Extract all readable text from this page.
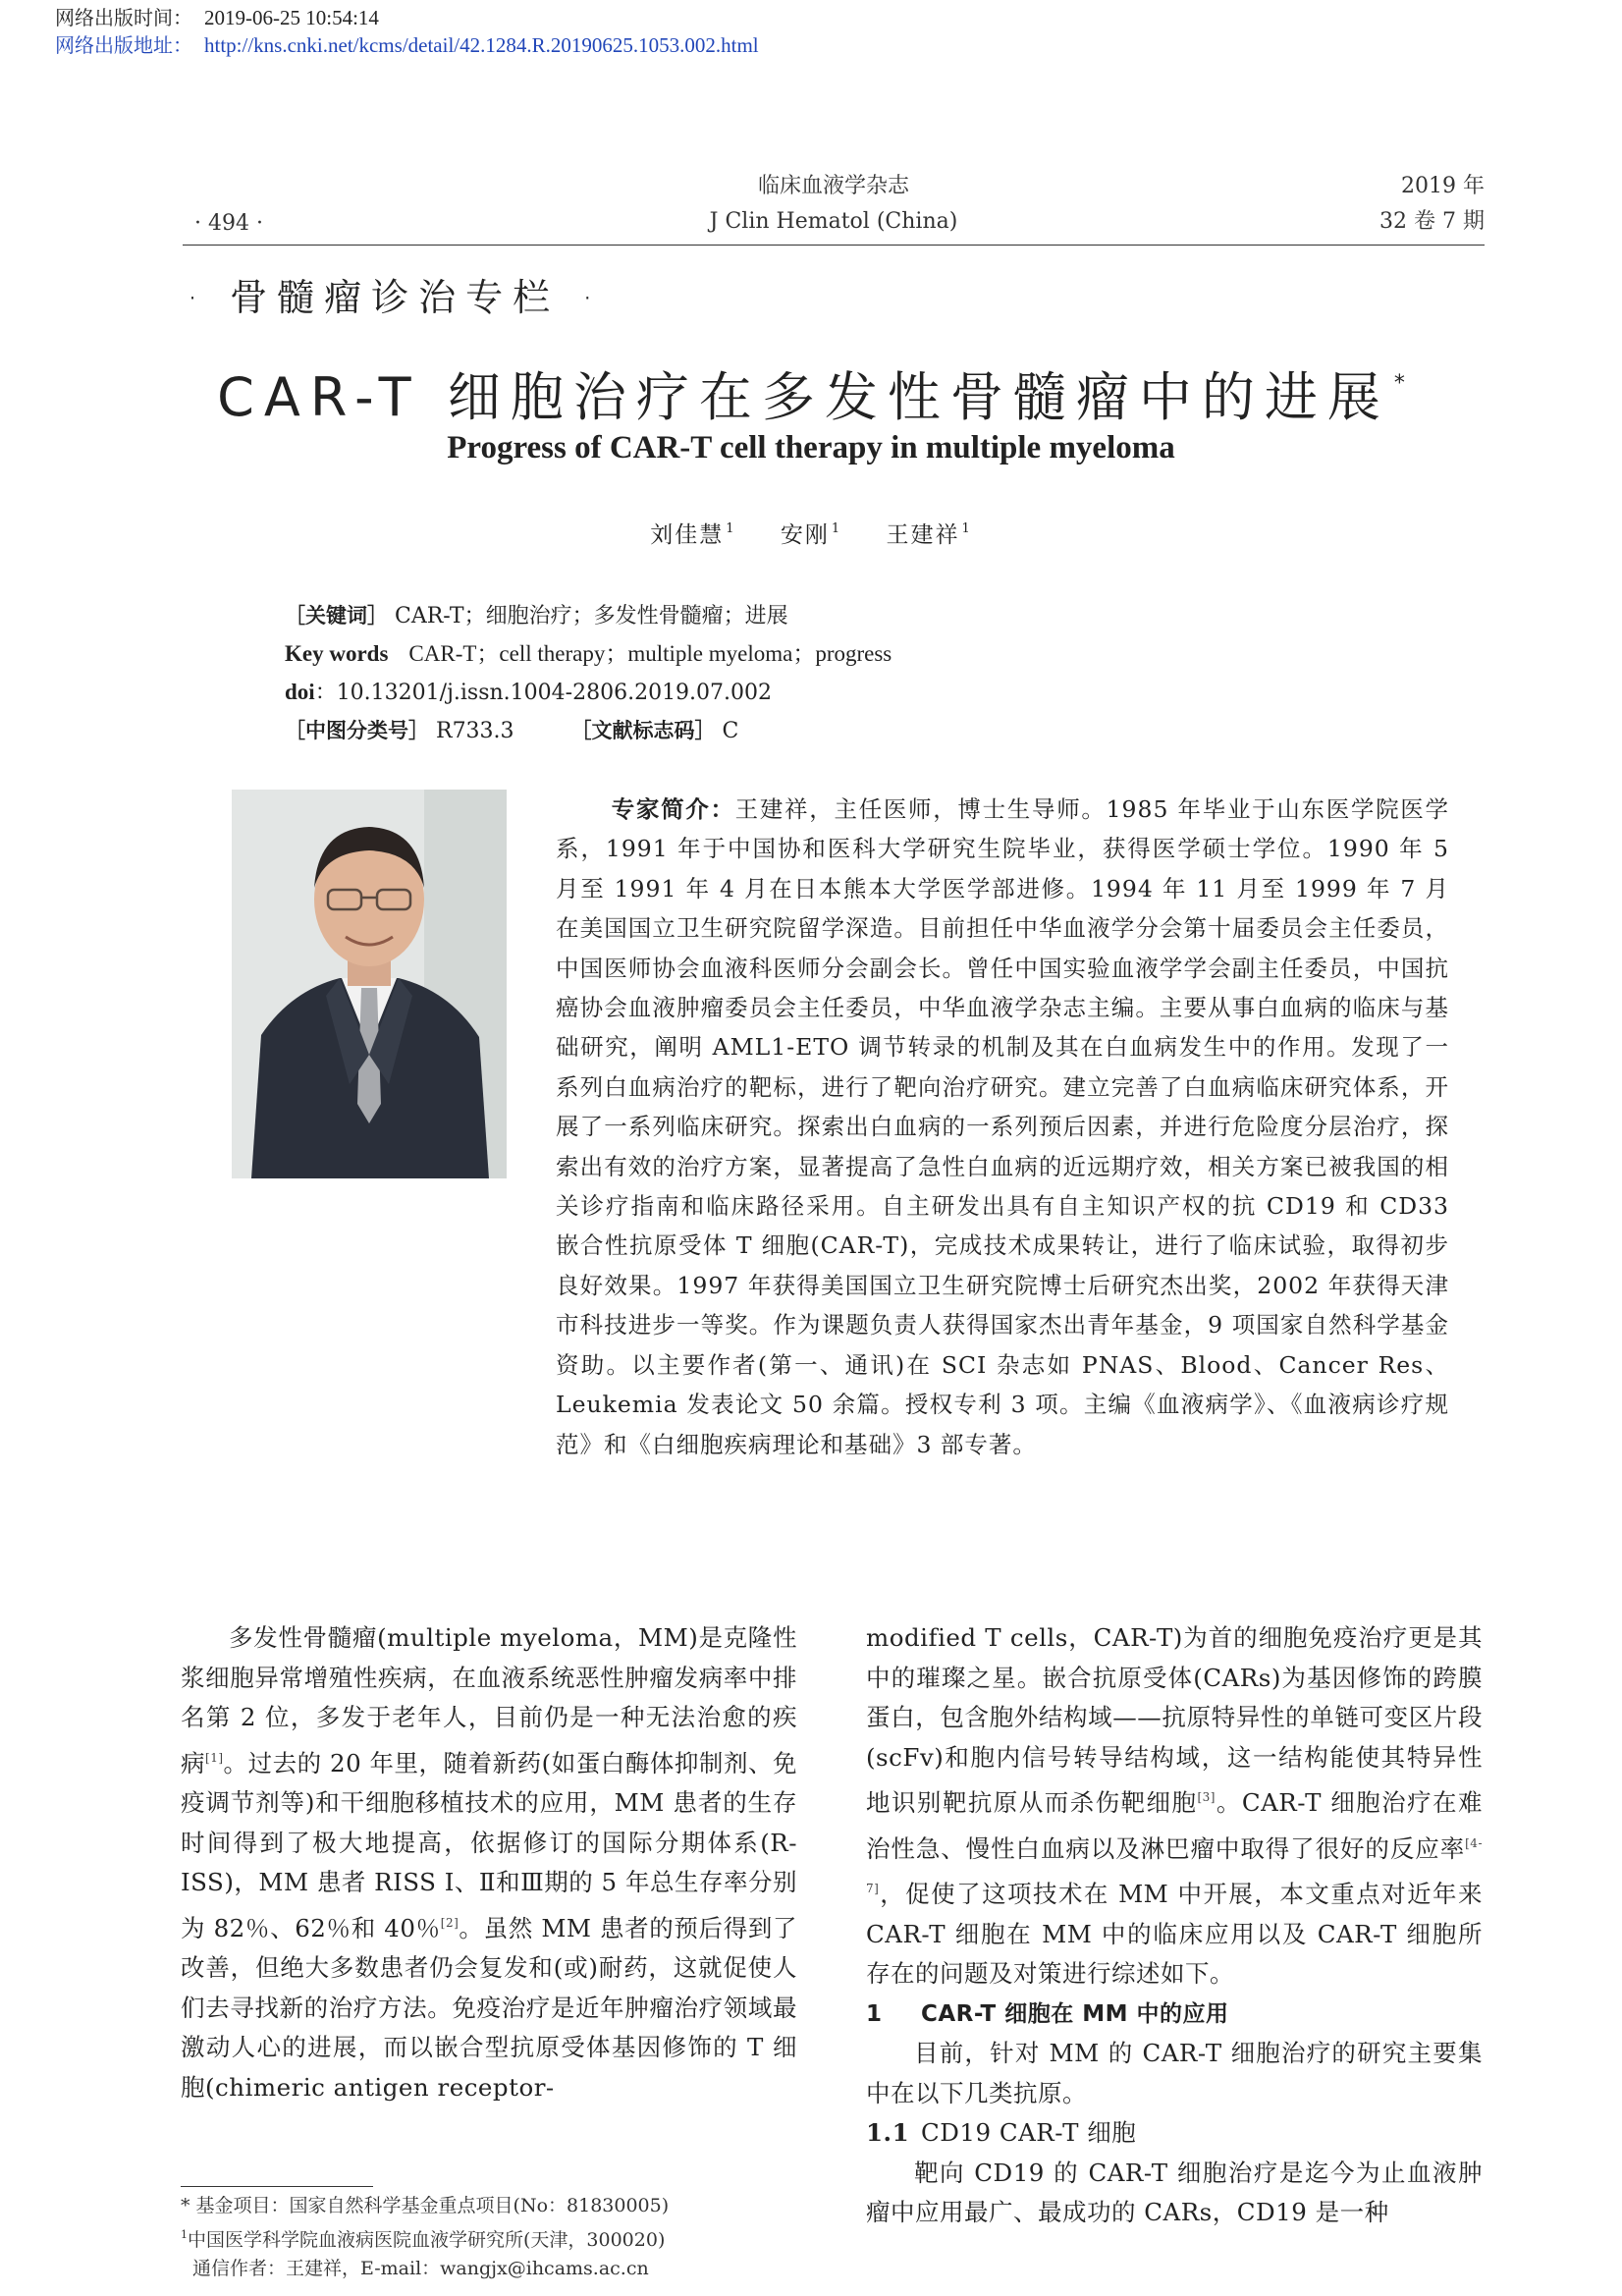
网络出版时间： 2019-06-25 10:54:14
网络出版地址： http://kns.cnki.net/kcms/detail/42.1284.R.20190625.1053.002.html
临床血液学杂志
J Clin Hematol (China)
· 494 ·
2019 年
32 卷 7 期
· 骨髓瘤诊治专栏 ·
CAR-T 细胞治疗在多发性骨髓瘤中的进展 *
Progress of CAR-T cell therapy in multiple myeloma
刘佳慧 $^1$ 安刚 $^1$ 王建祥 $^1$
［关键词］ CAR-T；细胞治疗；多发性骨髓瘤；进展
Key words CAR-T；cell therapy；multiple myeloma；progress
doi：10.13201/j.issn.1004-2806.2019.07.002
［中图分类号］ R733.3	［文献标志码］ C
专家简介：王建祥，主任医师，博士生导师。1985 年毕业于山东医学院医学系，1991 年于中国协和医科大学研究生院毕业，获得医学硕士学位。1990 年 5 月至 1991 年 4 月在日本熊本大学医学部进修。1994 年 11 月至 1999 年 7 月在美国国立卫生研究院留学深造。目前担任中华血液学分会第十届委员会主任委员，中国医师协会血液科医师分会副会长。曾任中国实验血液学学会副主任委员，中国抗癌协会血液肿瘤委员会主任委员，中华血液学杂志主编。主要从事白血病的临床与基础研究，阐明 AML1-ETO 调节转录的机制及其在白血病发生中的作用。发现了一系列白血病治疗的靶标，进行了靶向治疗研究。建立完善了白血病临床研究体系，开展了一系列临床研究。探索出白血病的一系列预后因素，并进行危险度分层治疗，探索出有效的治疗方案，显著提高了急性白血病的近远期疗效，相关方案已被我国的相关诊疗指南和临床路径采用。自主研发出具有自主知识产权的抗 CD19 和 CD33 嵌合性抗原受体 T 细胞(CAR-T)，完成技术成果转让，进行了临床试验，取得初步良好效果。1997 年获得美国国立卫生研究院博士后研究杰出奖，2002 年获得天津市科技进步一等奖。作为课题负责人获得国家杰出青年基金，9 项国家自然科学基金资助。以主要作者(第一、通讯)在 SCI 杂志如 PNAS、Blood、Cancer Res、Leukemia 发表论文 50 余篇。授权专利 3 项。主编《血液病学》、《血液病诊疗规范》和《白细胞疾病理论和基础》3 部专著。

多发性骨髓瘤(multiple myeloma，MM)是克隆性浆细胞异常增殖性疾病，在血液系统恶性肿瘤发病率中排名第 2 位，多发于老年人，目前仍是一种无法治愈的疾病[1]。过去的 20 年里，随着新药(如蛋白酶体抑制剂、免疫调节剂等)和干细胞移植技术的应用，MM 患者的生存时间得到了极大地提高，依据修订的国际分期体系(R-ISS)，MM 患者 RISS Ⅰ、Ⅱ和Ⅲ期的 5 年总生存率分别为 82％、62％和 40％[2]。虽然 MM 患者的预后得到了改善，但绝大多数患者仍会复发和(或)耐药，这就促使人们去寻找新的治疗方法。免疫治疗是近年肿瘤治疗领域最激动人心的进展，而以嵌合型抗原受体基因修饰的 T 细胞(chimeric antigen receptor-

modified T cells，CAR-T)为首的细胞免疫治疗更是其中的璀璨之星。嵌合抗原受体(CARs)为基因修饰的跨膜蛋白，包含胞外结构域——抗原特异性的单链可变区片段(scFv)和胞内信号转导结构域，这一结构能使其特异性地识别靶抗原从而杀伤靶细胞[3]。CAR-T 细胞治疗在难治性急、慢性白血病以及淋巴瘤中取得了很好的反应率[4-7]，促使了这项技术在 MM 中开展，本文重点对近年来 CAR-T 细胞在 MM 中的临床应用以及 CAR-T 细胞所存在的问题及对策进行综述如下。

1 CAR-T 细胞在 MM 中的应用

目前，针对 MM 的 CAR-T 细胞治疗的研究主要集中在以下几类抗原。

1.1 CD19 CAR-T 细胞

靶向 CD19 的 CAR-T 细胞治疗是迄今为止血液肿瘤中应用最广、最成功的 CARs，CD19 是一种

* 基金项目：国家自然科学基金重点项目(No：81830005)
$^1$中国医学科学院血液病医院血液学研究所(天津，300020)
通信作者：王建祥，E-mail：wangjx@ihcams.ac.cn
